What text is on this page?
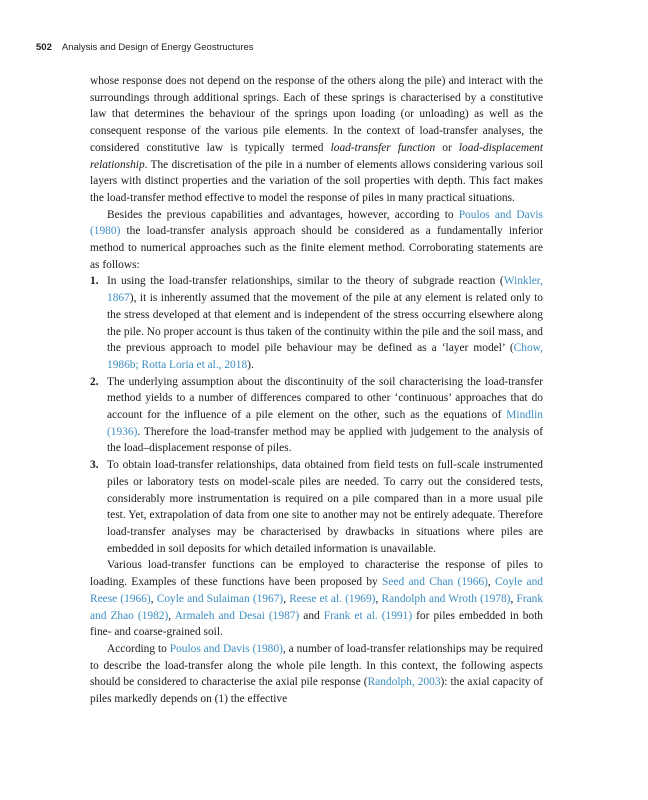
502 Analysis and Design of Energy Geostructures

whose response does not depend on the response of the others along the pile) and interact with the surroundings through additional springs. Each of these springs is characterised by a constitutive law that determines the behaviour of the springs upon loading (or unloading) as well as the consequent response of the various pile elements. In the context of load-transfer analyses, the considered constitutive law is typically termed load-transfer function or load-displacement relationship. The discretisation of the pile in a number of elements allows considering various soil layers with distinct properties and the variation of the soil properties with depth. This fact makes the load-transfer method effective to model the response of piles in many practical situations.

Besides the previous capabilities and advantages, however, according to Poulos and Davis (1980) the load-transfer analysis approach should be considered as a fundamentally inferior method to numerical approaches such as the finite element method. Corroborating statements are as follows:

1. In using the load-transfer relationships, similar to the theory of subgrade reaction (Winkler, 1867), it is inherently assumed that the movement of the pile at any element is related only to the stress developed at that element and is independent of the stress occurring elsewhere along the pile. No proper account is thus taken of the continuity within the pile and the soil mass, and the previous approach to model pile behaviour may be defined as a ‘layer model’ (Chow, 1986b; Rotta Loria et al., 2018).
2. The underlying assumption about the discontinuity of the soil characterising the load-transfer method yields to a number of differences compared to other ‘continuous’ approaches that do account for the influence of a pile element on the other, such as the equations of Mindlin (1936). Therefore the load-transfer method may be applied with judgement to the analysis of the load–displacement response of piles.
3. To obtain load-transfer relationships, data obtained from field tests on full-scale instrumented piles or laboratory tests on model-scale piles are needed. To carry out the considered tests, considerably more instrumentation is required on a pile compared than in a more usual pile test. Yet, extrapolation of data from one site to another may not be entirely adequate. Therefore load-transfer analyses may be characterised by drawbacks in situations where piles are embedded in soil deposits for which detailed information is unavailable.

Various load-transfer functions can be employed to characterise the response of piles to loading. Examples of these functions have been proposed by Seed and Chan (1966), Coyle and Reese (1966), Coyle and Sulaiman (1967), Reese et al. (1969), Randolph and Wroth (1978), Frank and Zhao (1982), Armaleh and Desai (1987) and Frank et al. (1991) for piles embedded in both fine- and coarse-grained soil.

According to Poulos and Davis (1980), a number of load-transfer relationships may be required to describe the load-transfer along the whole pile length. In this context, the following aspects should be considered to characterise the axial pile response (Randolph, 2003): the axial capacity of piles markedly depends on (1) the effective
